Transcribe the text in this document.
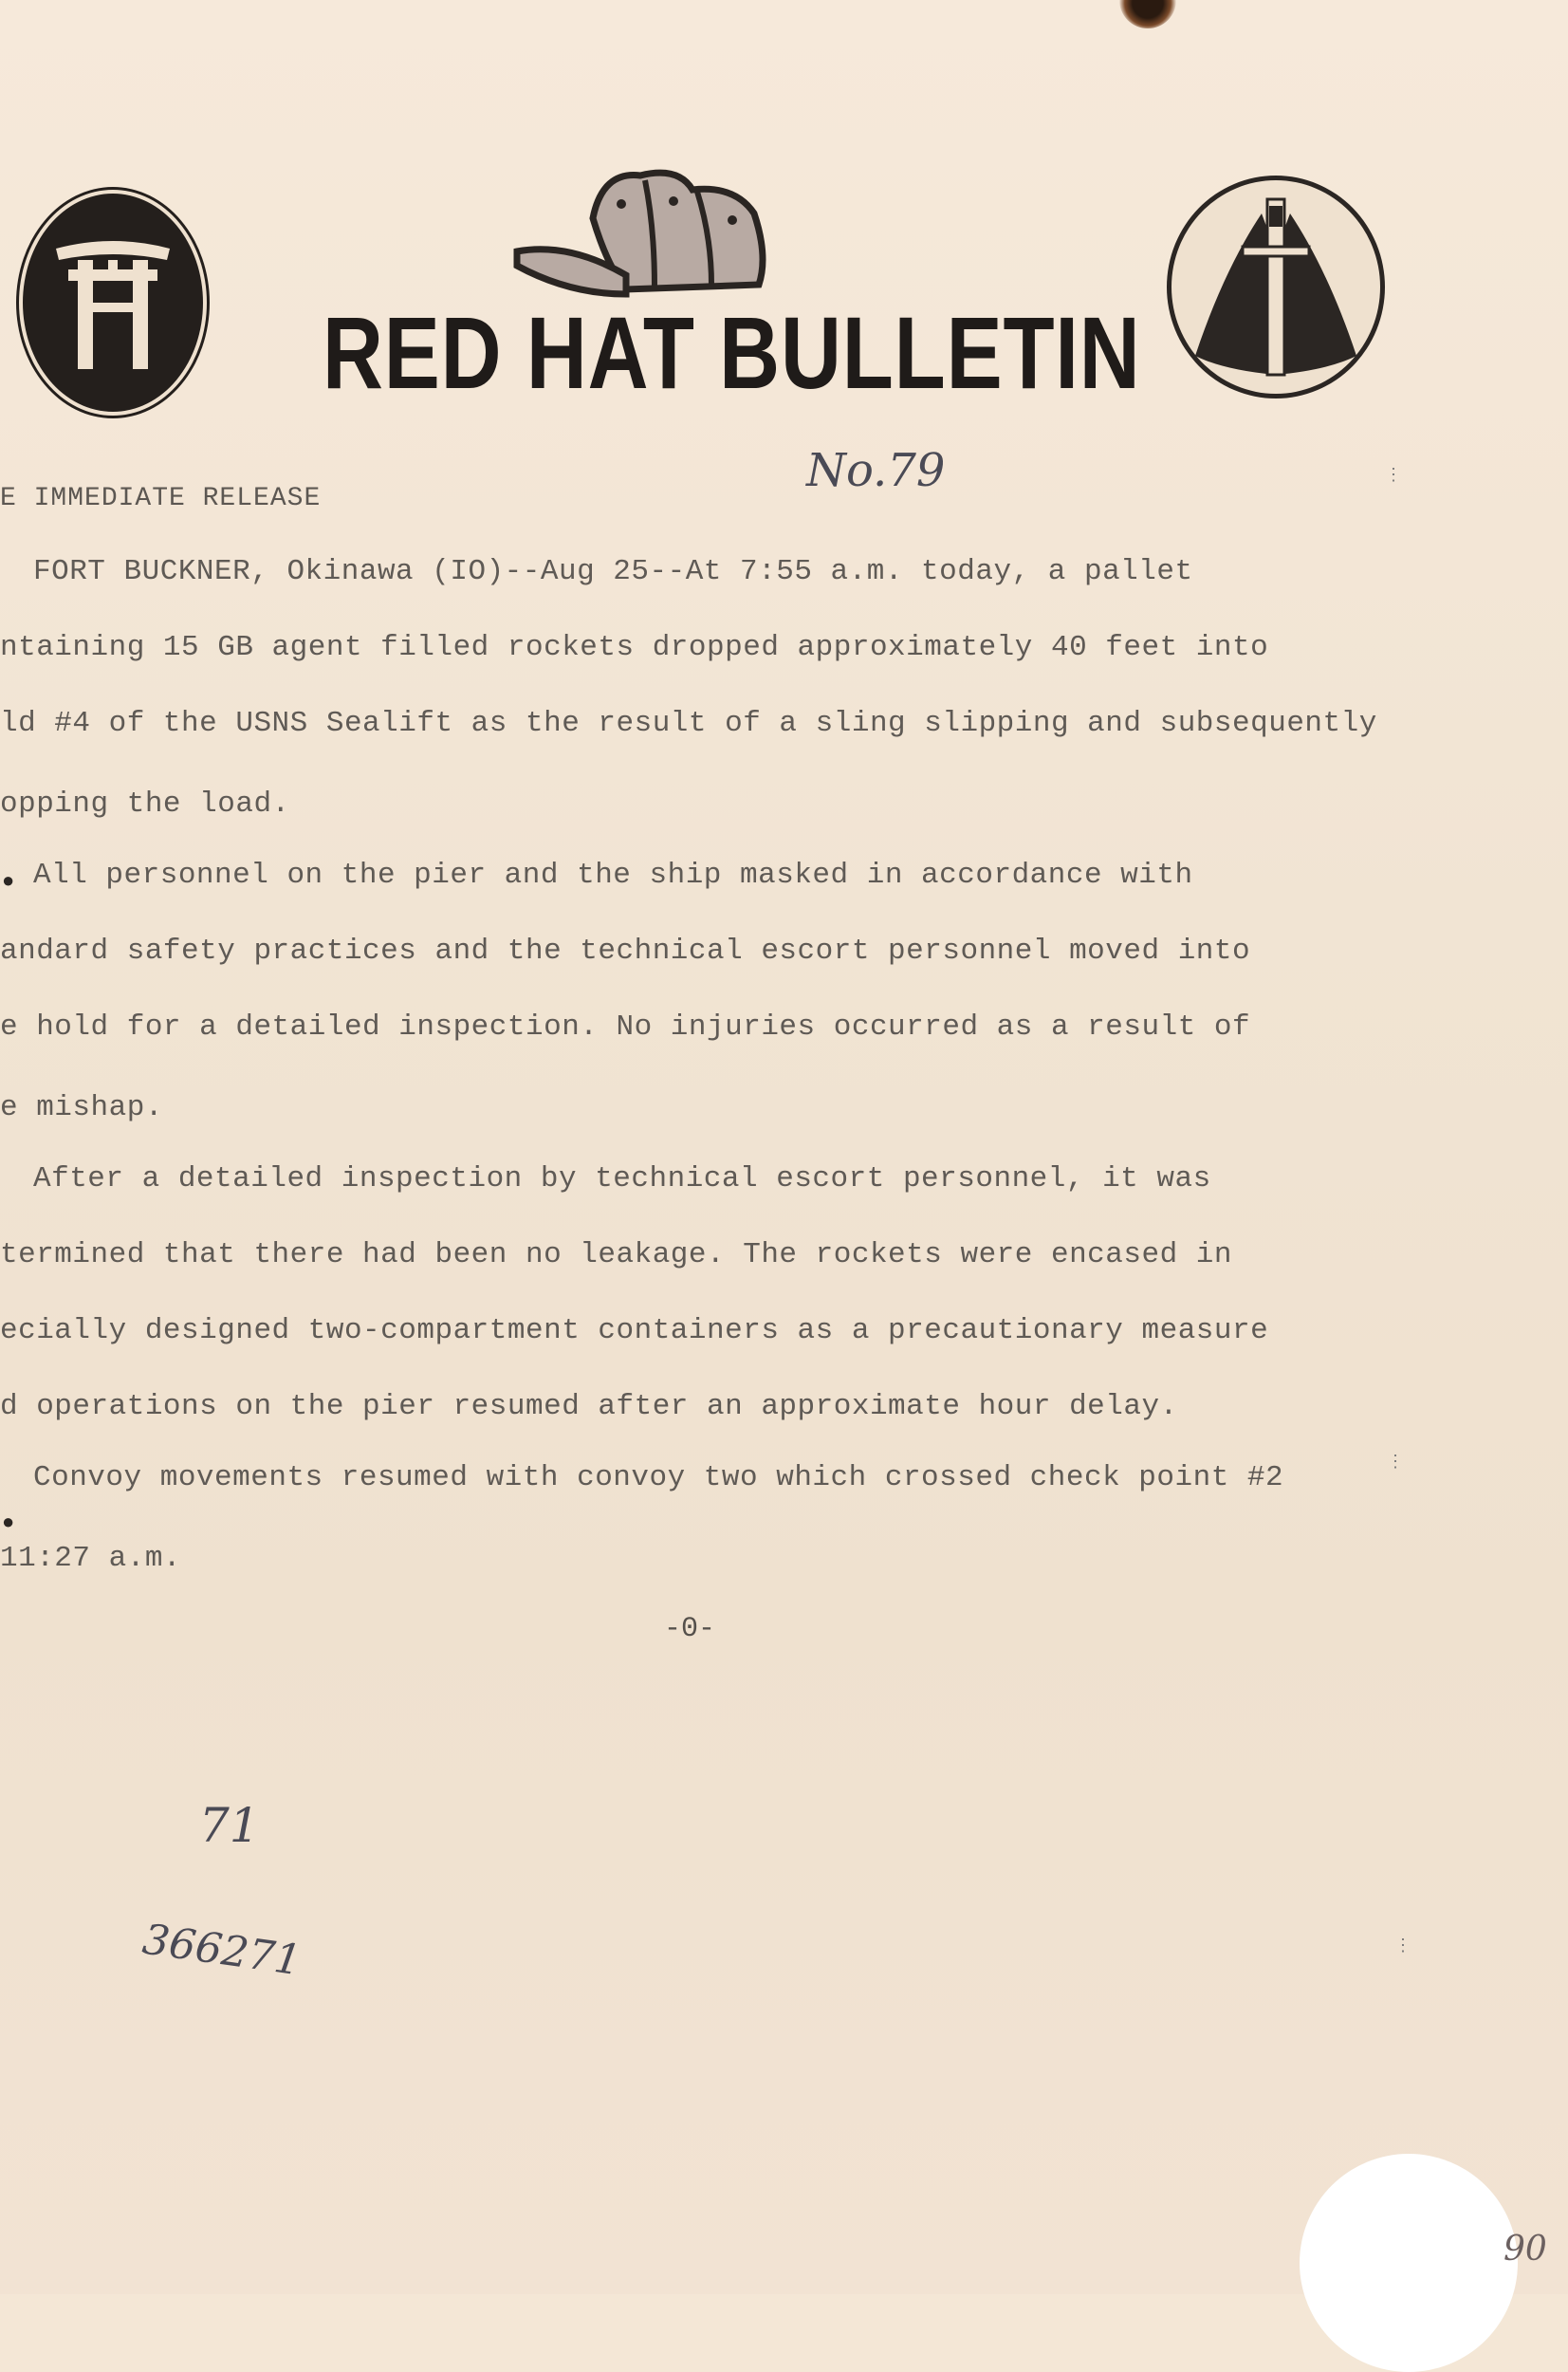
RED HAT BULLETIN
No.79
E IMMEDIATE RELEASE
FORT BUCKNER, Okinawa (IO)--Aug 25--At 7:55 a.m. today, a pallet
ntaining 15 GB agent filled rockets dropped approximately 40 feet into
ld #4 of the USNS Sealift as the result of a sling slipping and subsequently
opping the load.
● All personnel on the pier and the ship masked in accordance with
andard safety practices and the technical escort personnel moved into
e hold for a detailed inspection. No injuries occurred as a result of
e mishap.
After a detailed inspection by technical escort personnel, it was
termined that there had been no leakage. The rockets were encased in
ecially designed two-compartment containers as a precautionary measure
d operations on the pier resumed after an approximate hour delay.
Convoy movements resumed with convoy two which crossed check point #2
●
11:27 a.m.
-0-
71
366271
90
⋮
⋮
⋮
